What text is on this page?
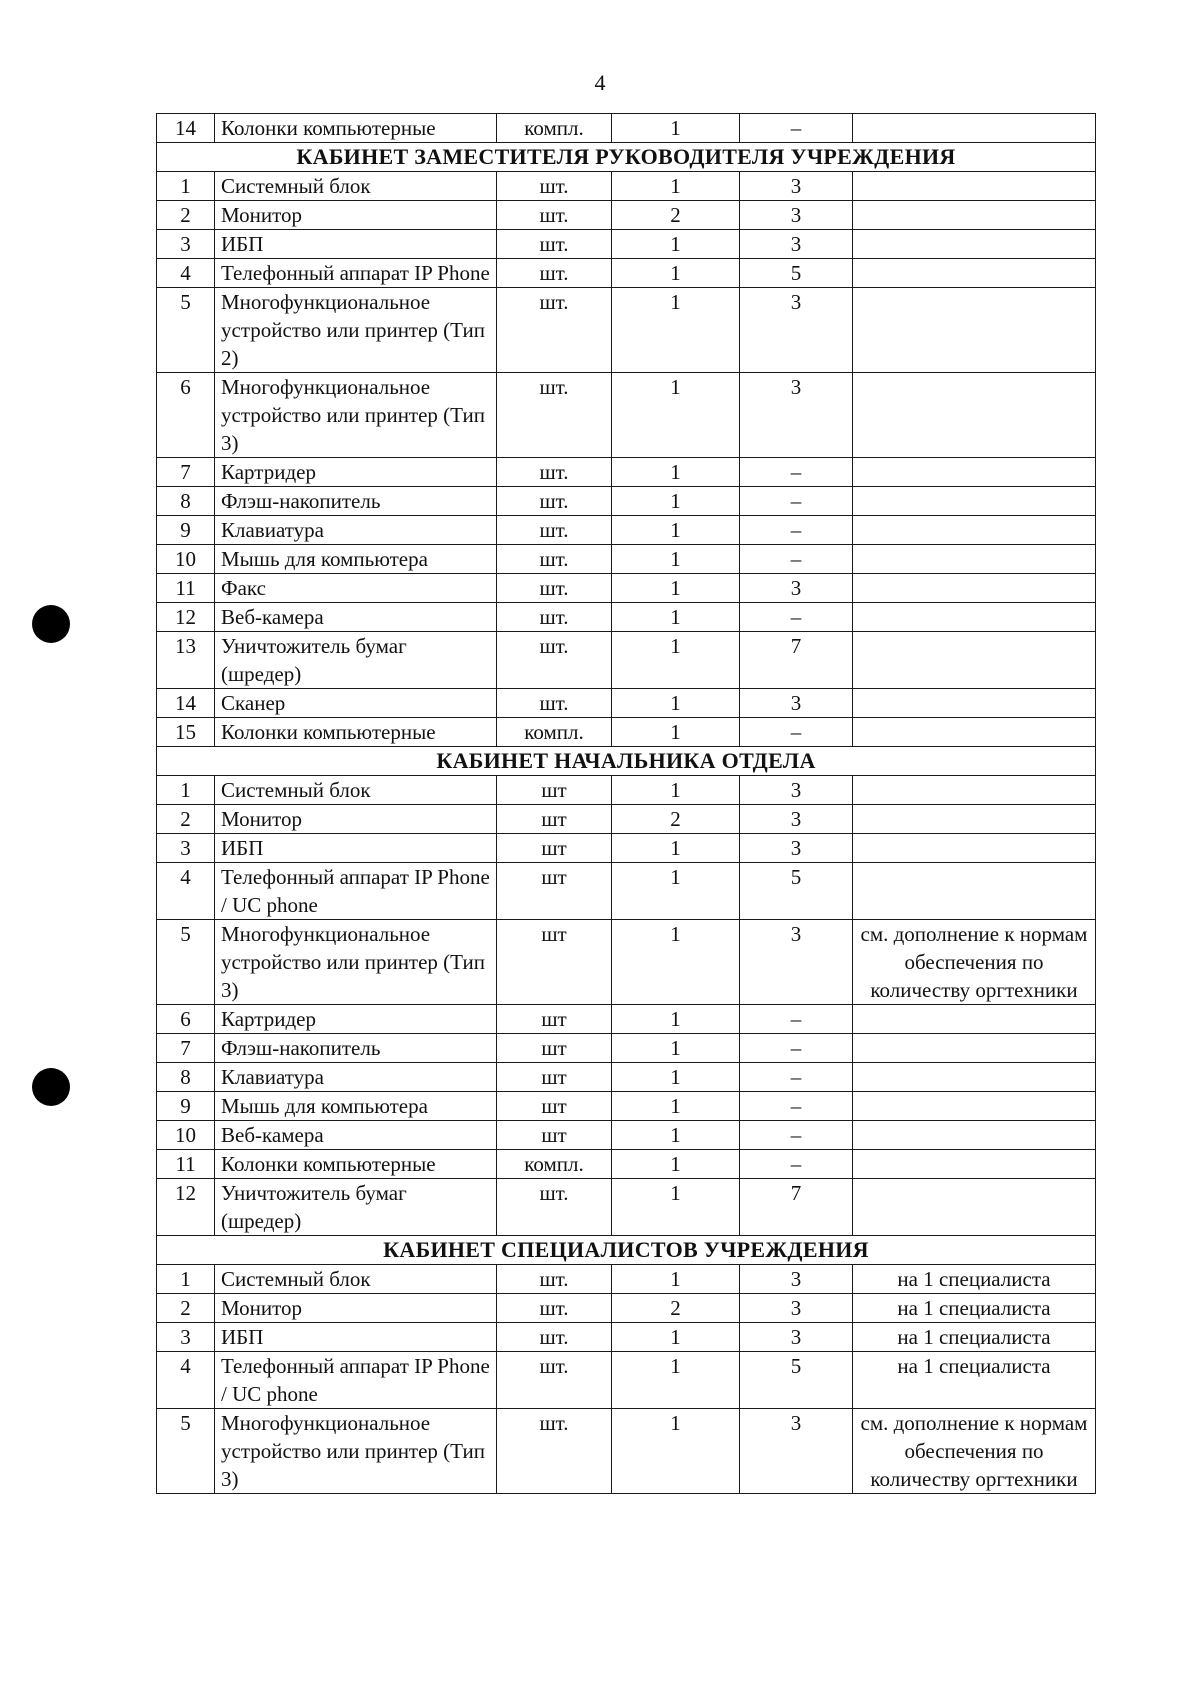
4
14	Колонки компьютерные	компл.	1	–	
КАБИНЕТ ЗАМЕСТИТЕЛЯ РУКОВОДИТЕЛЯ УЧРЕЖДЕНИЯ					
1	Системный блок	шт.	1	3	
2	Монитор	шт.	2	3	
3	ИБП	шт.	1	3	
4	Телефонный аппарат IP Phone	шт.	1	5	
5	Многофункциональное устройство или принтер (Тип 2)	шт.	1	3	
6	Многофункциональное устройство или принтер (Тип 3)	шт.	1	3	
7	Картридер	шт.	1	–	
8	Флэш-накопитель	шт.	1	–	
9	Клавиатура	шт.	1	–	
10	Мышь для компьютера	шт.	1	–	
11	Факс	шт.	1	3	
12	Веб-камера	шт.	1	–	
13	Уничтожитель бумаг (шредер)	шт.	1	7	
14	Сканер	шт.	1	3	
15	Колонки компьютерные	компл.	1	–	
КАБИНЕТ НАЧАЛЬНИКА ОТДЕЛА					
1	Системный блок	шт	1	3	
2	Монитор	шт	2	3	
3	ИБП	шт	1	3	
4	Телефонный аппарат IP Phone / UC phone	шт	1	5	
5	Многофункциональное устройство или принтер (Тип 3)	шт	1	3	см. дополнение к нормам обеспечения по количеству оргтехники
6	Картридер	шт	1	–	
7	Флэш-накопитель	шт	1	–	
8	Клавиатура	шт	1	–	
9	Мышь для компьютера	шт	1	–	
10	Веб-камера	шт	1	–	
11	Колонки компьютерные	компл.	1	–	
12	Уничтожитель бумаг (шредер)	шт.	1	7	
КАБИНЕТ СПЕЦИАЛИСТОВ УЧРЕЖДЕНИЯ					
1	Системный блок	шт.	1	3	на 1 специалиста
2	Монитор	шт.	2	3	на 1 специалиста
3	ИБП	шт.	1	3	на 1 специалиста
4	Телефонный аппарат IP Phone / UC phone	шт.	1	5	на 1 специалиста
5	Многофункциональное устройство или принтер (Тип 3)	шт.	1	3	см. дополнение к нормам обеспечения по количеству оргтехники
